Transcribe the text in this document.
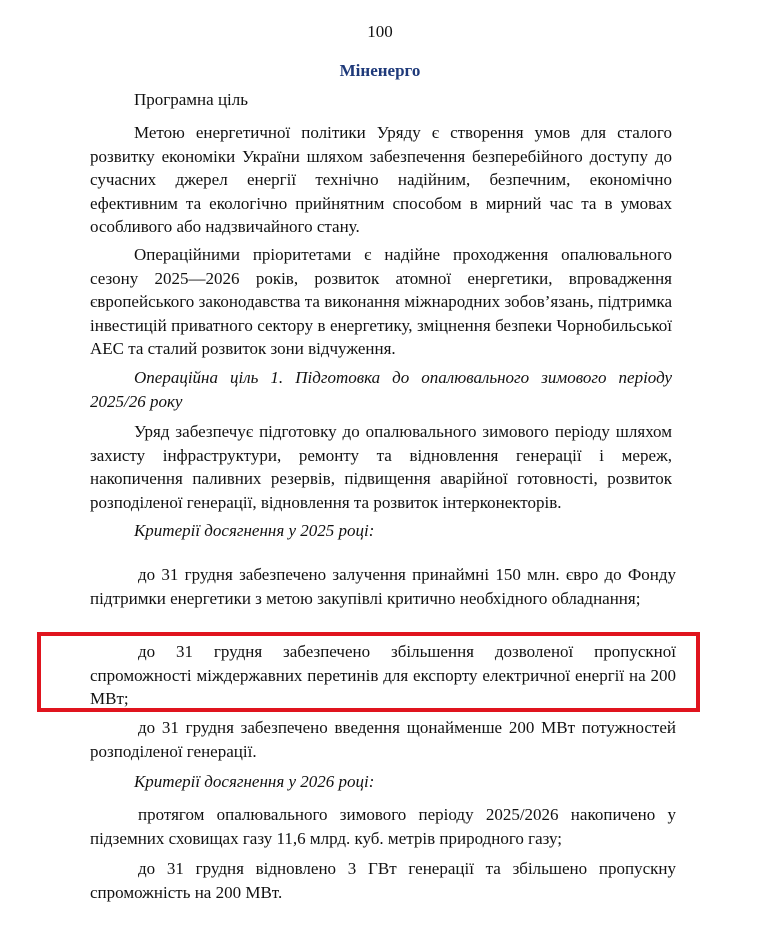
100
Міненерго

Програмна ціль

Метою енергетичної політики Уряду є створення умов для сталого розвитку економіки України шляхом забезпечення безперебійного доступу до сучасних джерел енергії технічно надійним, безпечним, економічно ефективним та екологічно прийнятним способом в мирний час та в умовах особливого або надзвичайного стану.

Операційними пріоритетами є надійне проходження опалювального сезону 2025—2026 років, розвиток атомної енергетики, впровадження європейського законодавства та виконання міжнародних зобов’язань, підтримка інвестицій приватного сектору в енергетику, зміцнення безпеки Чорнобильської АЕС та сталий розвиток зони відчуження.

Операційна ціль 1. Підготовка до опалювального зимового періоду 2025/26 року

Уряд забезпечує підготовку до опалювального зимового періоду шляхом захисту інфраструктури, ремонту та відновлення генерації і мереж, накопичення паливних резервів, підвищення аварійної готовності, розвиток розподіленої генерації, відновлення та розвиток інтерконекторів.

Критерії досягнення у 2025 році:

до 31 грудня забезпечено залучення принаймні 150 млн. євро до Фонду підтримки енергетики з метою закупівлі критично необхідного обладнання;

до 31 грудня забезпечено збільшення дозволеної пропускної спроможності міждержавних перетинів для експорту електричної енергії на 200 МВт;

до 31 грудня забезпечено введення щонайменше 200 МВт потужностей розподіленої генерації.

Критерії досягнення у 2026 році:

протягом опалювального зимового періоду 2025/2026 накопичено у підземних сховищах газу 11,6 млрд. куб. метрів природного газу;

до 31 грудня відновлено 3 ГВт генерації та збільшено пропускну спроможність на 200 МВт.
